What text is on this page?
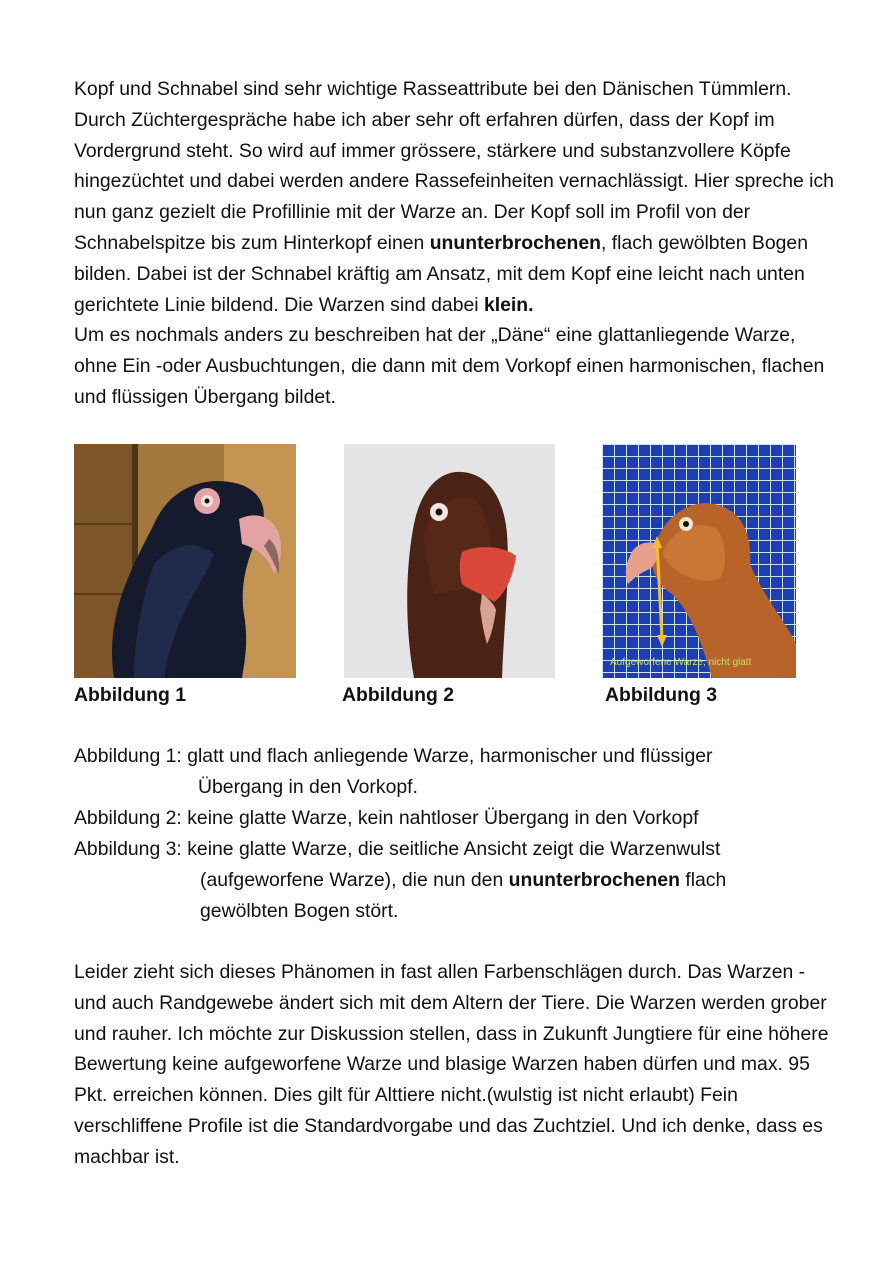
Kopf und Schnabel sind sehr wichtige Rasseattribute bei den Dänischen Tümmlern. Durch Züchtergespräche habe ich aber sehr oft erfahren dürfen, dass der Kopf im Vordergrund steht. So wird auf immer grössere, stärkere und substanzvollere Köpfe hingezüchtet und dabei werden andere Rassefeinheiten vernachlässigt. Hier spreche ich nun ganz gezielt die Profillinie mit der Warze an. Der Kopf soll im Profil von der Schnabelspitze bis zum Hinterkopf einen ununterbrochenen, flach gewölbten Bogen bilden. Dabei ist der Schnabel kräftig am Ansatz, mit dem Kopf eine leicht nach unten gerichtete Linie bildend. Die Warzen sind dabei klein.
Um es nochmals anders zu beschreiben hat der „Däne“ eine glattanliegende Warze, ohne Ein -oder Ausbuchtungen, die dann mit dem Vorkopf einen harmonischen, flachen und flüssigen Übergang bildet.

Aufgeworfene Warze, nicht glatt
Abbildung 1	Abbildung 2	Abbildung 3
Abbildung 1: glatt und flach anliegende Warze, harmonischer und flüssiger
Übergang in den Vorkopf.
Abbildung 2: keine glatte Warze, kein nahtloser Übergang in den Vorkopf
Abbildung 3: keine glatte Warze, die seitliche Ansicht zeigt die Warzenwulst
(aufgeworfene Warze), die nun den ununterbrochenen flach
gewölbten Bogen stört.

Leider zieht sich dieses Phänomen in fast allen Farbenschlägen durch. Das Warzen - und auch Randgewebe ändert sich mit dem Altern der Tiere. Die Warzen werden grober und rauher. Ich möchte zur Diskussion stellen, dass in Zukunft Jungtiere für eine höhere Bewertung keine aufgeworfene Warze und blasige Warzen haben dürfen und max. 95 Pkt. erreichen können. Dies gilt für Alttiere nicht.(wulstig ist nicht erlaubt) Fein verschliffene Profile ist die Standardvorgabe und das Zuchtziel. Und ich denke, dass es machbar ist.
